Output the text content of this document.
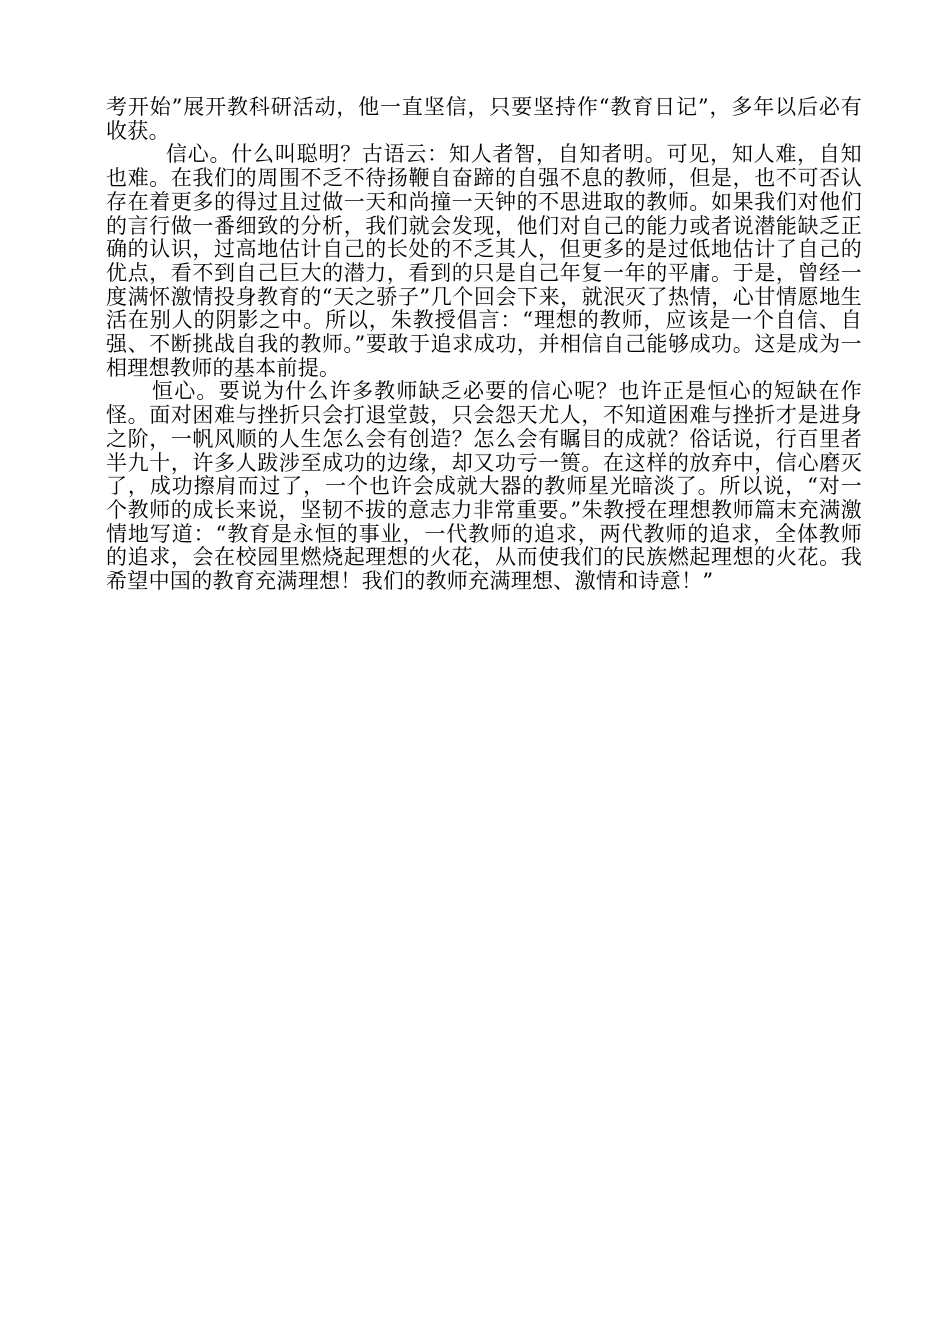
考开始”展开教科研活动，他一直坚信，只要坚持作“教育日记”，多年以后必有收获。

信心。什么叫聪明？古语云：知人者智，自知者明。可见，知人难，自知也难。在我们的周围不乏不待扬鞭自奋蹄的自强不息的教师，但是，也不可否认存在着更多的得过且过做一天和尚撞一天钟的不思进取的教师。如果我们对他们的言行做一番细致的分析，我们就会发现，他们对自己的能力或者说潜能缺乏正确的认识，过高地估计自己的长处的不乏其人，但更多的是过低地估计了自己的优点，看不到自己巨大的潜力，看到的只是自己年复一年的平庸。于是，曾经一度满怀激情投身教育的“天之骄子”几个回会下来，就泯灭了热情，心甘情愿地生活在别人的阴影之中。所以，朱教授倡言：“理想的教师，应该是一个自信、自强、不断挑战自我的教师。”要敢于追求成功，并相信自己能够成功。这是成为一相理想教师的基本前提。

恒心。要说为什么许多教师缺乏必要的信心呢？也许正是恒心的短缺在作怪。面对困难与挫折只会打退堂鼓，只会怨天尤人，不知道困难与挫折才是进身之阶，一帆风顺的人生怎么会有创造？怎么会有瞩目的成就？俗话说，行百里者半九十，许多人跋涉至成功的边缘，却又功亏一篑。在这样的放弃中，信心磨灭了，成功擦肩而过了，一个也许会成就大器的教师星光暗淡了。所以说，“对一个教师的成长来说，坚韧不拔的意志力非常重要。”朱教授在理想教师篇末充满激情地写道：“教育是永恒的事业，一代教师的追求，两代教师的追求，全体教师的追求，会在校园里燃烧起理想的火花，从而使我们的民族燃起理想的火花。我希望中国的教育充满理想！我们的教师充满理想、激情和诗意！”
